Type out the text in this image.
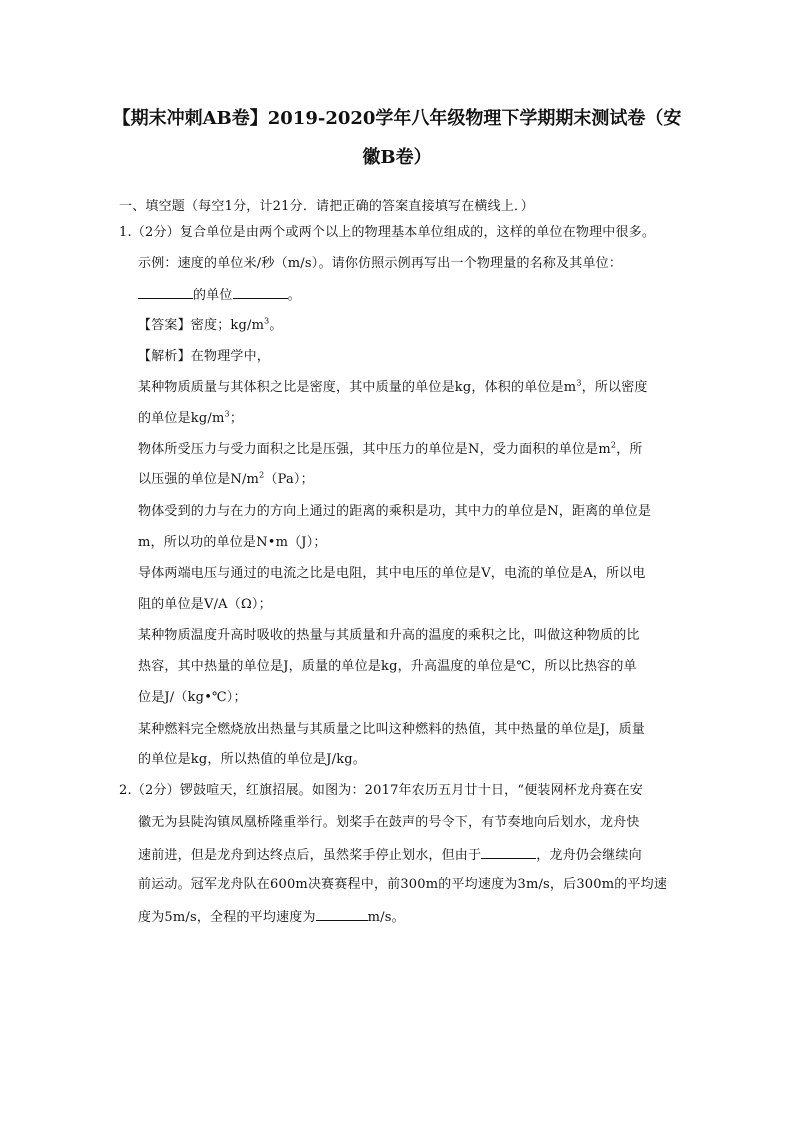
【期末冲刺AB卷】2019-2020学年八年级物理下学期期末测试卷（安
徽B卷）
一、填空题（每空1分，计21分．请把正确的答案直接填写在横线上．）
1.（2分）复合单位是由两个或两个以上的物理基本单位组成的，这样的单位在物理中很多。
示例：速度的单位米/秒（m/s）。请你仿照示例再写出一个物理量的名称及其单位：
的单位	。
【答案】密度；$kg/m^3$。
【解析】在物理学中，
某种物质质量与其体积之比是密度，其中质量的单位是kg，体积的单位是$m^3$，所以密度
的单位是$kg/m^3$；
物体所受压力与受力面积之比是压强，其中压力的单位是N，受力面积的单位是$m^2$，所
以压强的单位是$N/m^2(Pa)$；
物体受到的力与在力的方向上通过的距离的乘积是功，其中力的单位是N，距离的单位是
m，所以功的单位是N•m（J）；
导体两端电压与通过的电流之比是电阻，其中电压的单位是V，电流的单位是A，所以电
阻的单位是V/A（Ω）；
某种物质温度升高时吸收的热量与其质量和升高的温度的乘积之比，叫做这种物质的比
热容，其中热量的单位是J，质量的单位是kg，升高温度的单位是℃，所以比热容的单
位是J/（kg•℃）；
某种燃料完全燃烧放出热量与其质量之比叫这种燃料的热值，其中热量的单位是J，质量
的单位是kg，所以热值的单位是J/kg。
2.（2分）锣鼓喧天，红旗招展。如图为：2017年农历五月廿十日，“便装网杯龙舟赛在安
徽无为县陡沟镇凤凰桥隆重举行。划桨手在鼓声的号令下，有节奏地向后划水，龙舟快
速前进，但是龙舟到达终点后，虽然桨手停止划水，但由于	，龙舟仍会继续向
前运动。冠军龙舟队在600m决赛赛程中，前300m的平均速度为3m/s，后300m的平均速
度为5m/s，全程的平均速度为	m/s。
